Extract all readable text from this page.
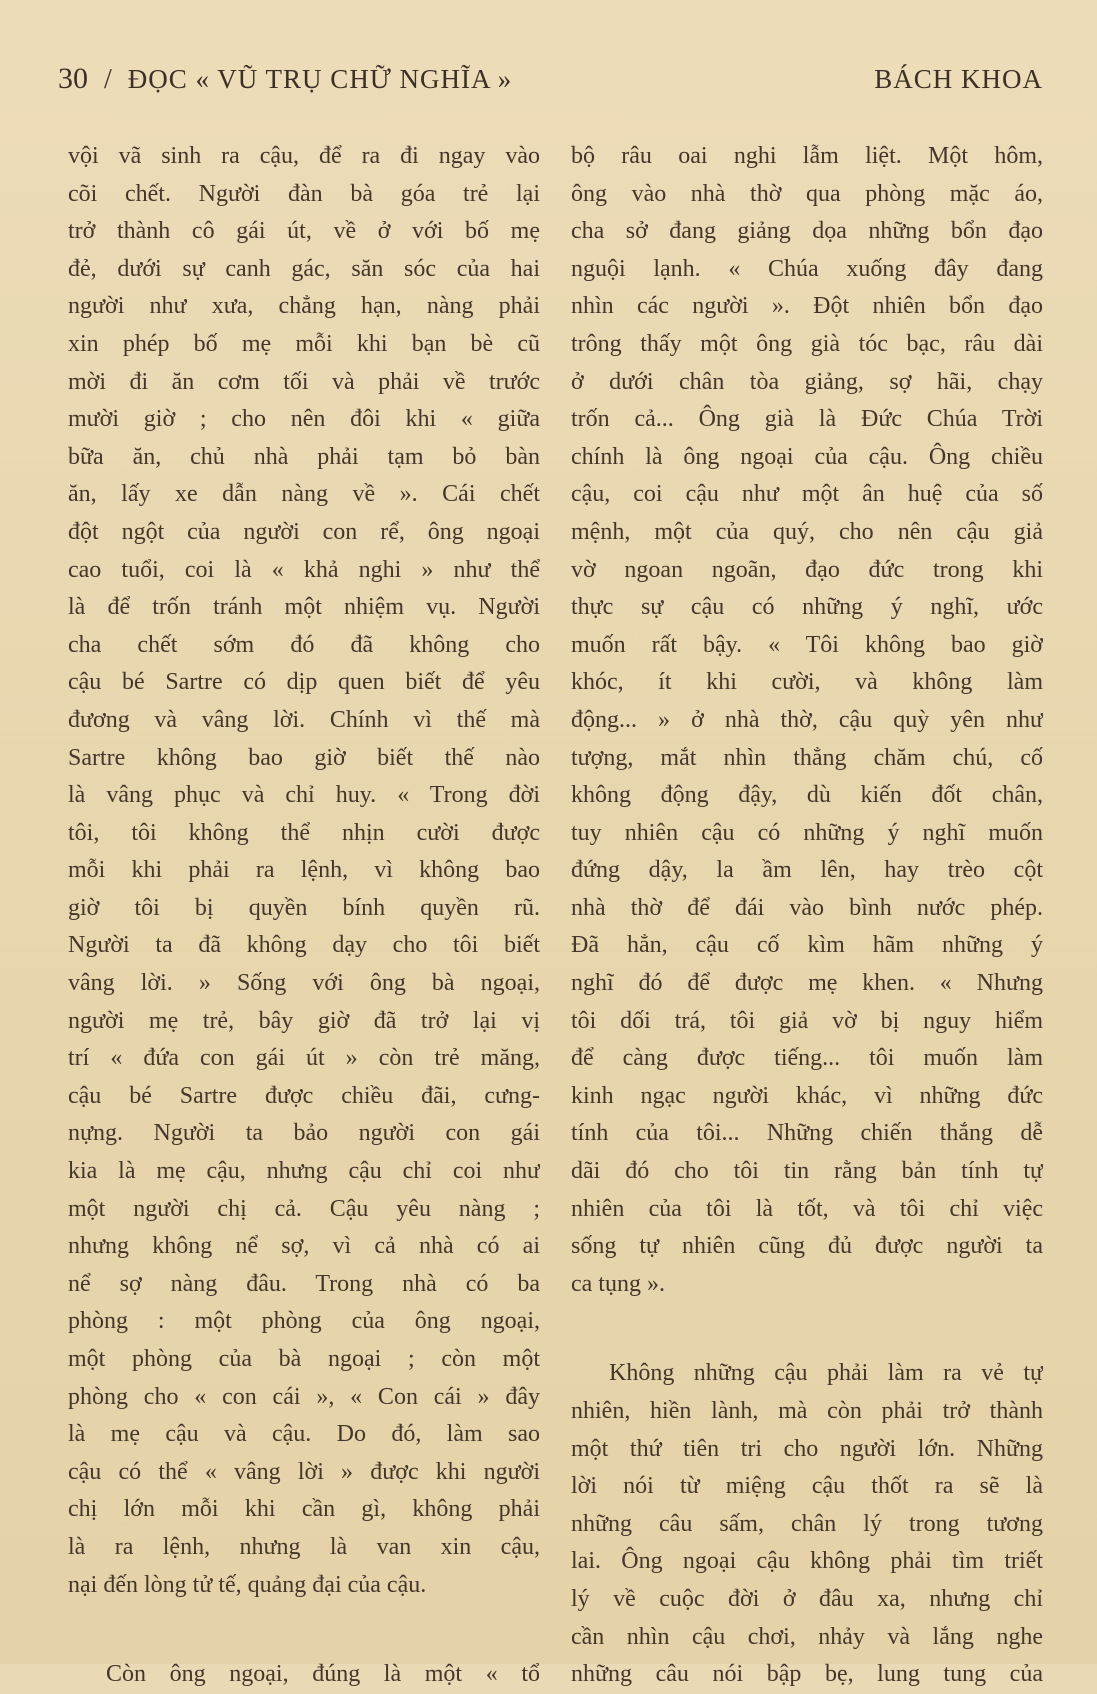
30 / ĐỌC « VŨ TRỤ CHỮ NGHĨA »	BÁCH KHOA
vội vã sinh ra cậu, để ra đi ngay vào
cõi chết. Người đàn bà góa trẻ lại
trở thành cô gái út, về ở với bố mẹ
đẻ, dưới sự canh gác, săn sóc của hai
người như xưa, chẳng hạn, nàng phải
xin phép bố mẹ mỗi khi bạn bè cũ
mời đi ăn cơm tối và phải về trước
mười giờ ; cho nên đôi khi « giữa
bữa ăn, chủ nhà phải tạm bỏ bàn
ăn, lấy xe dẫn nàng về ». Cái chết
đột ngột của người con rể, ông ngoại
cao tuổi, coi là « khả nghi » như thể
là để trốn tránh một nhiệm vụ. Người
cha chết sớm đó đã không cho
cậu bé Sartre có dịp quen biết để yêu
đương và vâng lời. Chính vì thế mà
Sartre không bao giờ biết thế nào
là vâng phục và chỉ huy. « Trong đời
tôi, tôi không thể nhịn cười được
mỗi khi phải ra lệnh, vì không bao
giờ tôi bị quyền bính quyền rũ.
Người ta đã không dạy cho tôi biết
vâng lời. » Sống với ông bà ngoại,
người mẹ trẻ, bây giờ đã trở lại vị
trí « đứa con gái út » còn trẻ măng,
cậu bé Sartre được chiều đãi, cưng-
nựng. Người ta bảo người con gái
kia là mẹ cậu, nhưng cậu chỉ coi như
một người chị cả. Cậu yêu nàng ;
nhưng không nể sợ, vì cả nhà có ai
nể sợ nàng đâu. Trong nhà có ba
phòng : một phòng của ông ngoại,
một phòng của bà ngoại ; còn một
phòng cho « con cái », « Con cái » đây
là mẹ cậu và cậu. Do đó, làm sao
cậu có thể « vâng lời » được khi người
chị lớn mỗi khi cần gì, không phải
là ra lệnh, nhưng là van xin cậu,
nại đến lòng tử tế, quảng đại của cậu.
Còn ông ngoại, đúng là một « tổ
bộ râu oai nghi lẫm liệt. Một hôm,
ông vào nhà thờ qua phòng mặc áo,
cha sở đang giảng dọa những bổn đạo
nguội lạnh. « Chúa xuống đây đang
nhìn các người ». Đột nhiên bổn đạo
trông thấy một ông già tóc bạc, râu dài
ở dưới chân tòa giảng, sợ hãi, chạy
trốn cả... Ông già là Đức Chúa Trời
chính là ông ngoại của cậu. Ông chiều
cậu, coi cậu như một ân huệ của số
mệnh, một của quý, cho nên cậu giả
vờ ngoan ngoãn, đạo đức trong khi
thực sự cậu có những ý nghĩ, ước
muốn rất bậy. « Tôi không bao giờ
khóc, ít khi cười, và không làm
động... » ở nhà thờ, cậu quỳ yên như
tượng, mắt nhìn thẳng chăm chú, cố
không động đậy, dù kiến đốt chân,
tuy nhiên cậu có những ý nghĩ muốn
đứng dậy, la ầm lên, hay trèo cột
nhà thờ để đái vào bình nước phép.
Đã hẳn, cậu cố kìm hãm những ý
nghĩ đó để được mẹ khen. « Nhưng
tôi dối trá, tôi giả vờ bị nguy hiểm
để càng được tiếng... tôi muốn làm
kinh ngạc người khác, vì những đức
tính của tôi... Những chiến thắng dễ
dãi đó cho tôi tin rằng bản tính tự
nhiên của tôi là tốt, và tôi chỉ việc
sống tự nhiên cũng đủ được người ta
ca tụng ».
Không những cậu phải làm ra vẻ tự
nhiên, hiền lành, mà còn phải trở thành
một thứ tiên tri cho người lớn. Những
lời nói từ miệng cậu thốt ra sẽ là
những câu sấm, chân lý trong tương
lai. Ông ngoại cậu không phải tìm triết
lý về cuộc đời ở đâu xa, nhưng chỉ
cần nhìn cậu chơi, nhảy và lắng nghe
những câu nói bập bẹ, lung tung của
